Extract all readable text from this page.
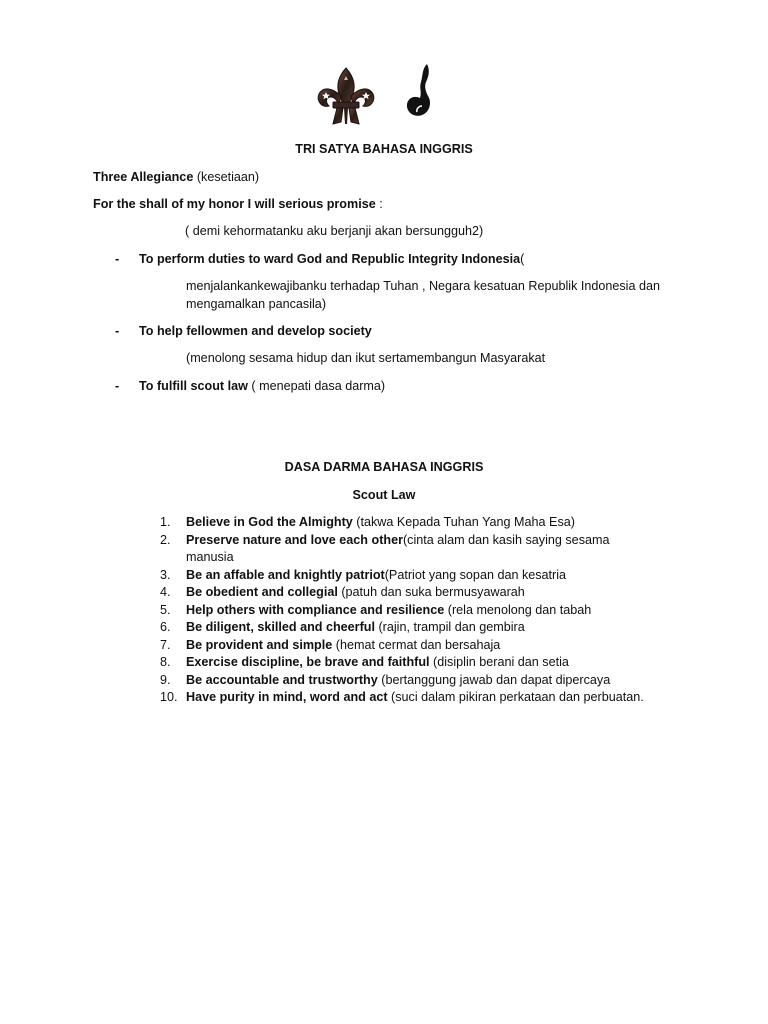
TRI SATYA BAHASA INGGRIS
Three Allegiance (kesetiaan)
For the shall of my honor I will serious promise :
( demi kehormatanku aku berjanji akan bersungguh2)
- To perform duties to ward God and Republic Integrity Indonesia(
menjalankankewajibanku terhadap Tuhan , Negara kesatuan Republik Indonesia dan mengamalkan pancasila)
- To help fellowmen and develop society
(menolong sesama hidup dan ikut sertamembangun Masyarakat
- To fulfill scout law ( menepati dasa darma)
DASA DARMA BAHASA INGGRIS
Scout Law
1.	Believe in God the Almighty (takwa Kepada Tuhan Yang Maha Esa)
2.	Preserve nature and love each other(cinta alam dan kasih saying sesama manusia
3.	Be an affable and knightly patriot(Patriot yang sopan dan kesatria
4.	Be obedient and collegial (patuh dan suka bermusyawarah
5.	Help others with compliance and resilience (rela menolong dan tabah
6.	Be diligent, skilled and cheerful (rajin, trampil dan gembira
7.	Be provident and simple (hemat cermat dan bersahaja
8.	Exercise discipline, be brave and faithful (disiplin berani dan setia
9.	Be accountable and trustworthy (bertanggung jawab dan dapat dipercaya
10. Have purity in mind, word and act (suci dalam pikiran perkataan dan perbuatan.
